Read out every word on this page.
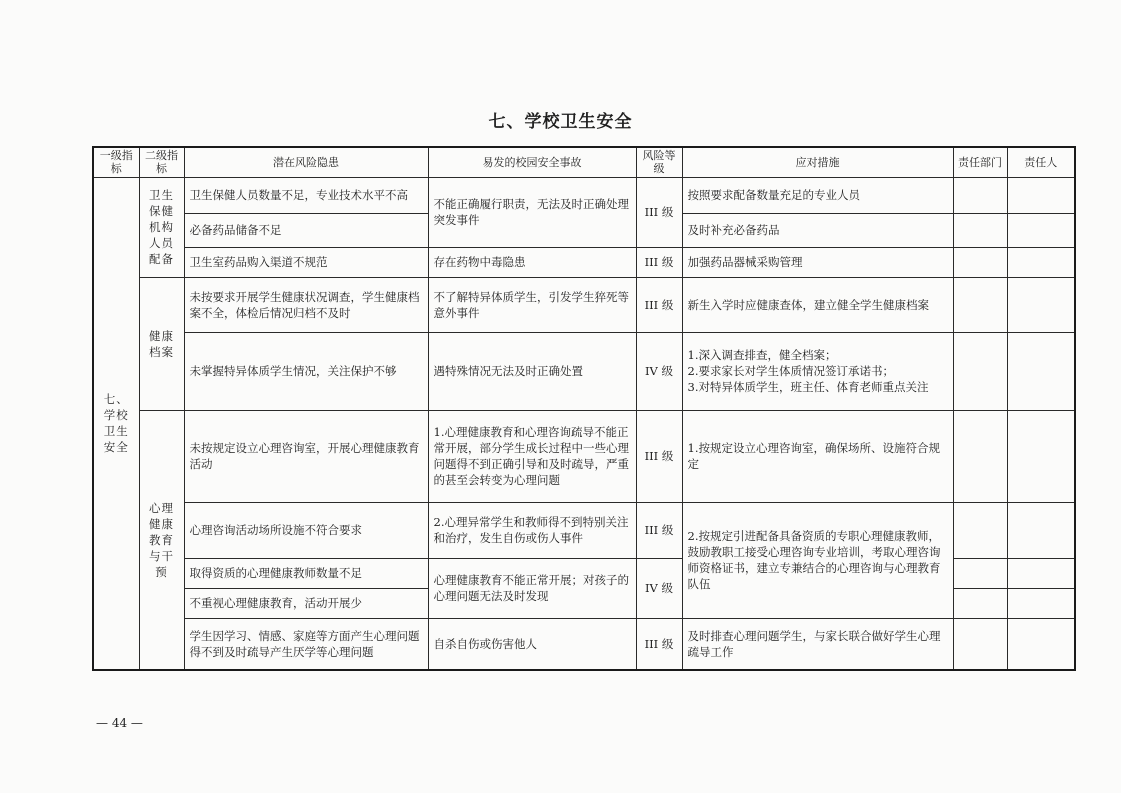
七、学校卫生安全
一级指标	二级指标	潜在风险隐患	易发的校园安全事故	风险等级	应对措施	责任部门	责任人
七、学校卫生安全	卫生保健机构人员配备	卫生保健人员数量不足，专业技术水平不高	不能正确履行职责，无法及时正确处理突发事件	III 级	按照要求配备数量充足的专业人员		
		必备药品储备不足			及时补充必备药品		
		卫生室药品购入渠道不规范	存在药物中毒隐患	III 级	加强药品器械采购管理		
	健康档案	未按要求开展学生健康状况调查，学生健康档案不全，体检后情况归档不及时	不了解特异体质学生，引发学生猝死等意外事件	III 级	新生入学时应健康查体，建立健全学生健康档案		
		未掌握特异体质学生情况，关注保护不够	遇特殊情况无法及时正确处置	IV 级	1.深入调查排查，健全档案；
2.要求家长对学生体质情况签订承诺书；
3.对特异体质学生，班主任、体育老师重点关注		

	心理健康教育与干预	未按规定设立心理咨询室，开展心理健康教育活动	1.心理健康教育和心理咨询疏导不能正常开展，部分学生成长过程中一些心理问题得不到正确引导和及时疏导，严重的甚至会转变为心理问题	III 级	1.按规定设立心理咨询室，确保场所、设施符合规定		
		心理咨询活动场所设施不符合要求	2.心理异常学生和教师得不到特别关注和治疗，发生自伤或伤人事件	III 级	2.按规定引进配备具备资质的专职心理健康教师，鼓励教职工接受心理咨询专业培训，考取心理咨询师资格证书，建立专兼结合的心理咨询与心理教育队伍		
		取得资质的心理健康教师数量不足	心理健康教育不能正常开展；对孩子的心理问题无法及时发现	IV 级			
		不重视心理健康教育，活动开展少					
		学生因学习、情感、家庭等方面产生心理问题得不到及时疏导产生厌学等心理问题	自杀自伤或伤害他人	III 级	及时排查心理问题学生，与家长联合做好学生心理疏导工作		
— 44 —
